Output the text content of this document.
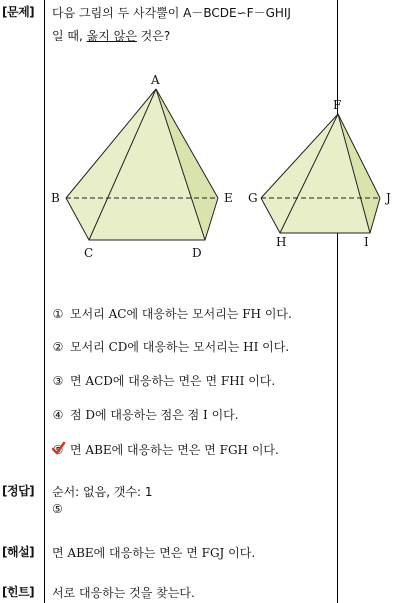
[문제] 다음 그림의 두 사각뿔이 A－BCDE∽F－GHIJ
일 때, 옳지 않은 것은?
A
B
C	D
E
F
G
H	I
J
① 모서리 AC에 대응하는 모서리는 FH 이다.
② 모서리 CD에 대응하는 모서리는 HI 이다.
③ 면 ACD에 대응하는 면은 면 FHI 이다.
④ 점 D에 대응하는 점은 점 I 이다.
⑤ 면 ABE에 대응하는 면은 면 FGH 이다.
[정답] 순서: 없음, 갯수: 1
⑤
[해설] 면 ABE에 대응하는 면은 면 FGJ 이다.
[힌트] 서로 대응하는 것을 찾는다.
